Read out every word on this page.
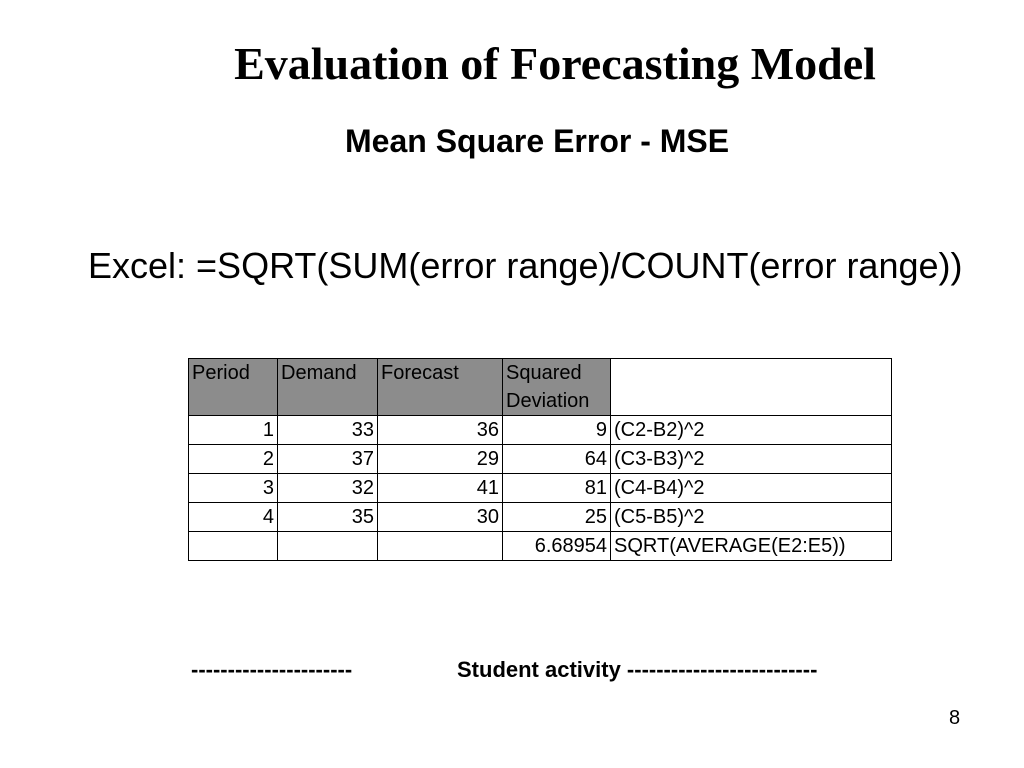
Evaluation of Forecasting Model
Mean Square Error - MSE
Excel: =SQRT(SUM(error range)/COUNT(error range))
Period	Demand	Forecast	Squared Deviation	
1	33	36	9	(C2-B2)^2
2	37	29	64	(C3-B3)^2
3	32	41	81	(C4-B4)^2
4	35	30	25	(C5-B5)^2
			6.68954	SQRT(AVERAGE(E2:E5))
----------------------	Student activity --------------------------
8
